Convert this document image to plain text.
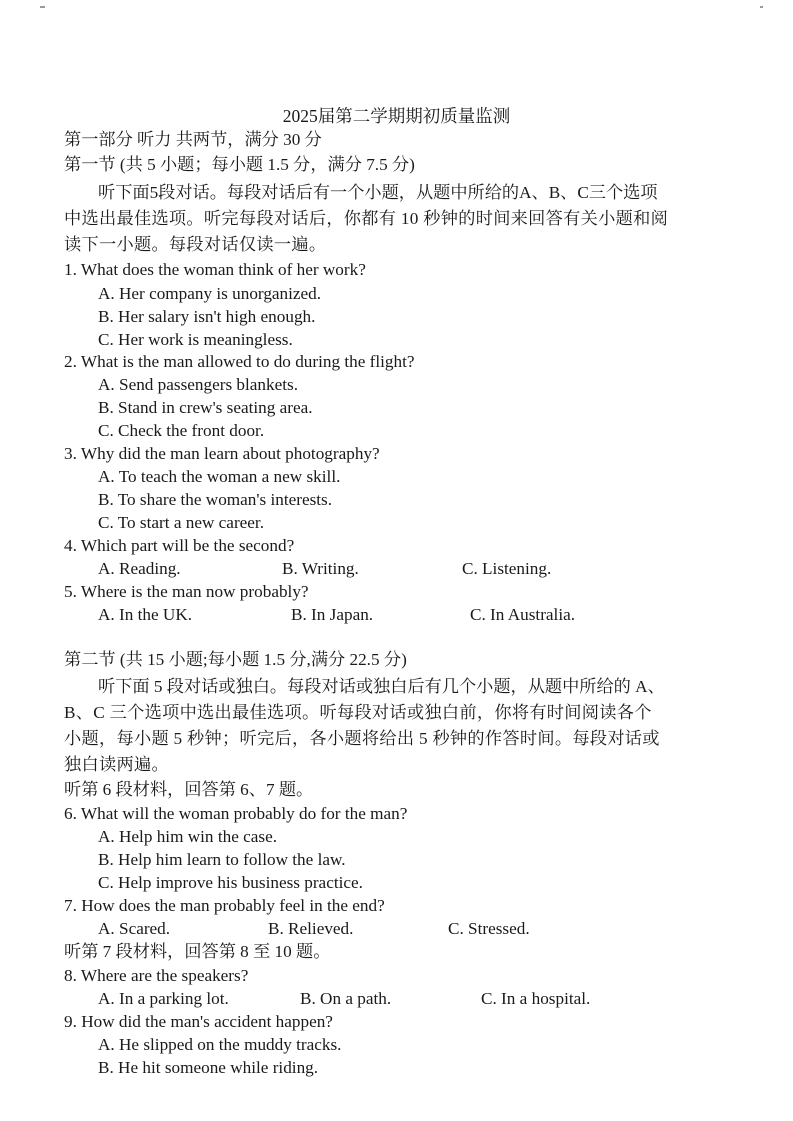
2025届第二学期期初质量监测
第一部分 听力 共两节，满分 30 分
第一节 (共 5 小题；每小题 1.5 分，满分 7.5 分)
听下面5段对话。每段对话后有一个小题，从题中所给的A、B、C三个选项
中选出最佳选项。听完每段对话后，你都有 10 秒钟的时间来回答有关小题和阅
读下一小题。每段对话仅读一遍。
1. What does the woman think of her work?
A. Her company is unorganized.
B. Her salary isn't high enough.
C. Her work is meaningless.
2. What is the man allowed to do during the flight?
A. Send passengers blankets.
B. Stand in crew's seating area.
C. Check the front door.
3. Why did the man learn about photography?
A. To teach the woman a new skill.
B. To share the woman's interests.
C. To start a new career.
4. Which part will be the second?
A. Reading.	B. Writing.	C. Listening.
5. Where is the man now probably?
A. In the UK.	B. In Japan.	C. In Australia.
第二节 (共 15 小题;每小题 1.5 分,满分 22.5 分)
听下面 5 段对话或独白。每段对话或独白后有几个小题，从题中所给的 A、
B、C 三个选项中选出最佳选项。听每段对话或独白前，你将有时间阅读各个
小题，每小题 5 秒钟；听完后，各小题将给出 5 秒钟的作答时间。每段对话或
独白读两遍。
听第 6 段材料，回答第 6、7 题。
6. What will the woman probably do for the man?
A. Help him win the case.
B. Help him learn to follow the law.
C. Help improve his business practice.
7. How does the man probably feel in the end?
A. Scared.	B. Relieved.	C. Stressed.
听第 7 段材料，回答第 8 至 10 题。
8. Where are the speakers?
A. In a parking lot.	B. On a path.	C. In a hospital.
9. How did the man's accident happen?
A. He slipped on the muddy tracks.
B. He hit someone while riding.
